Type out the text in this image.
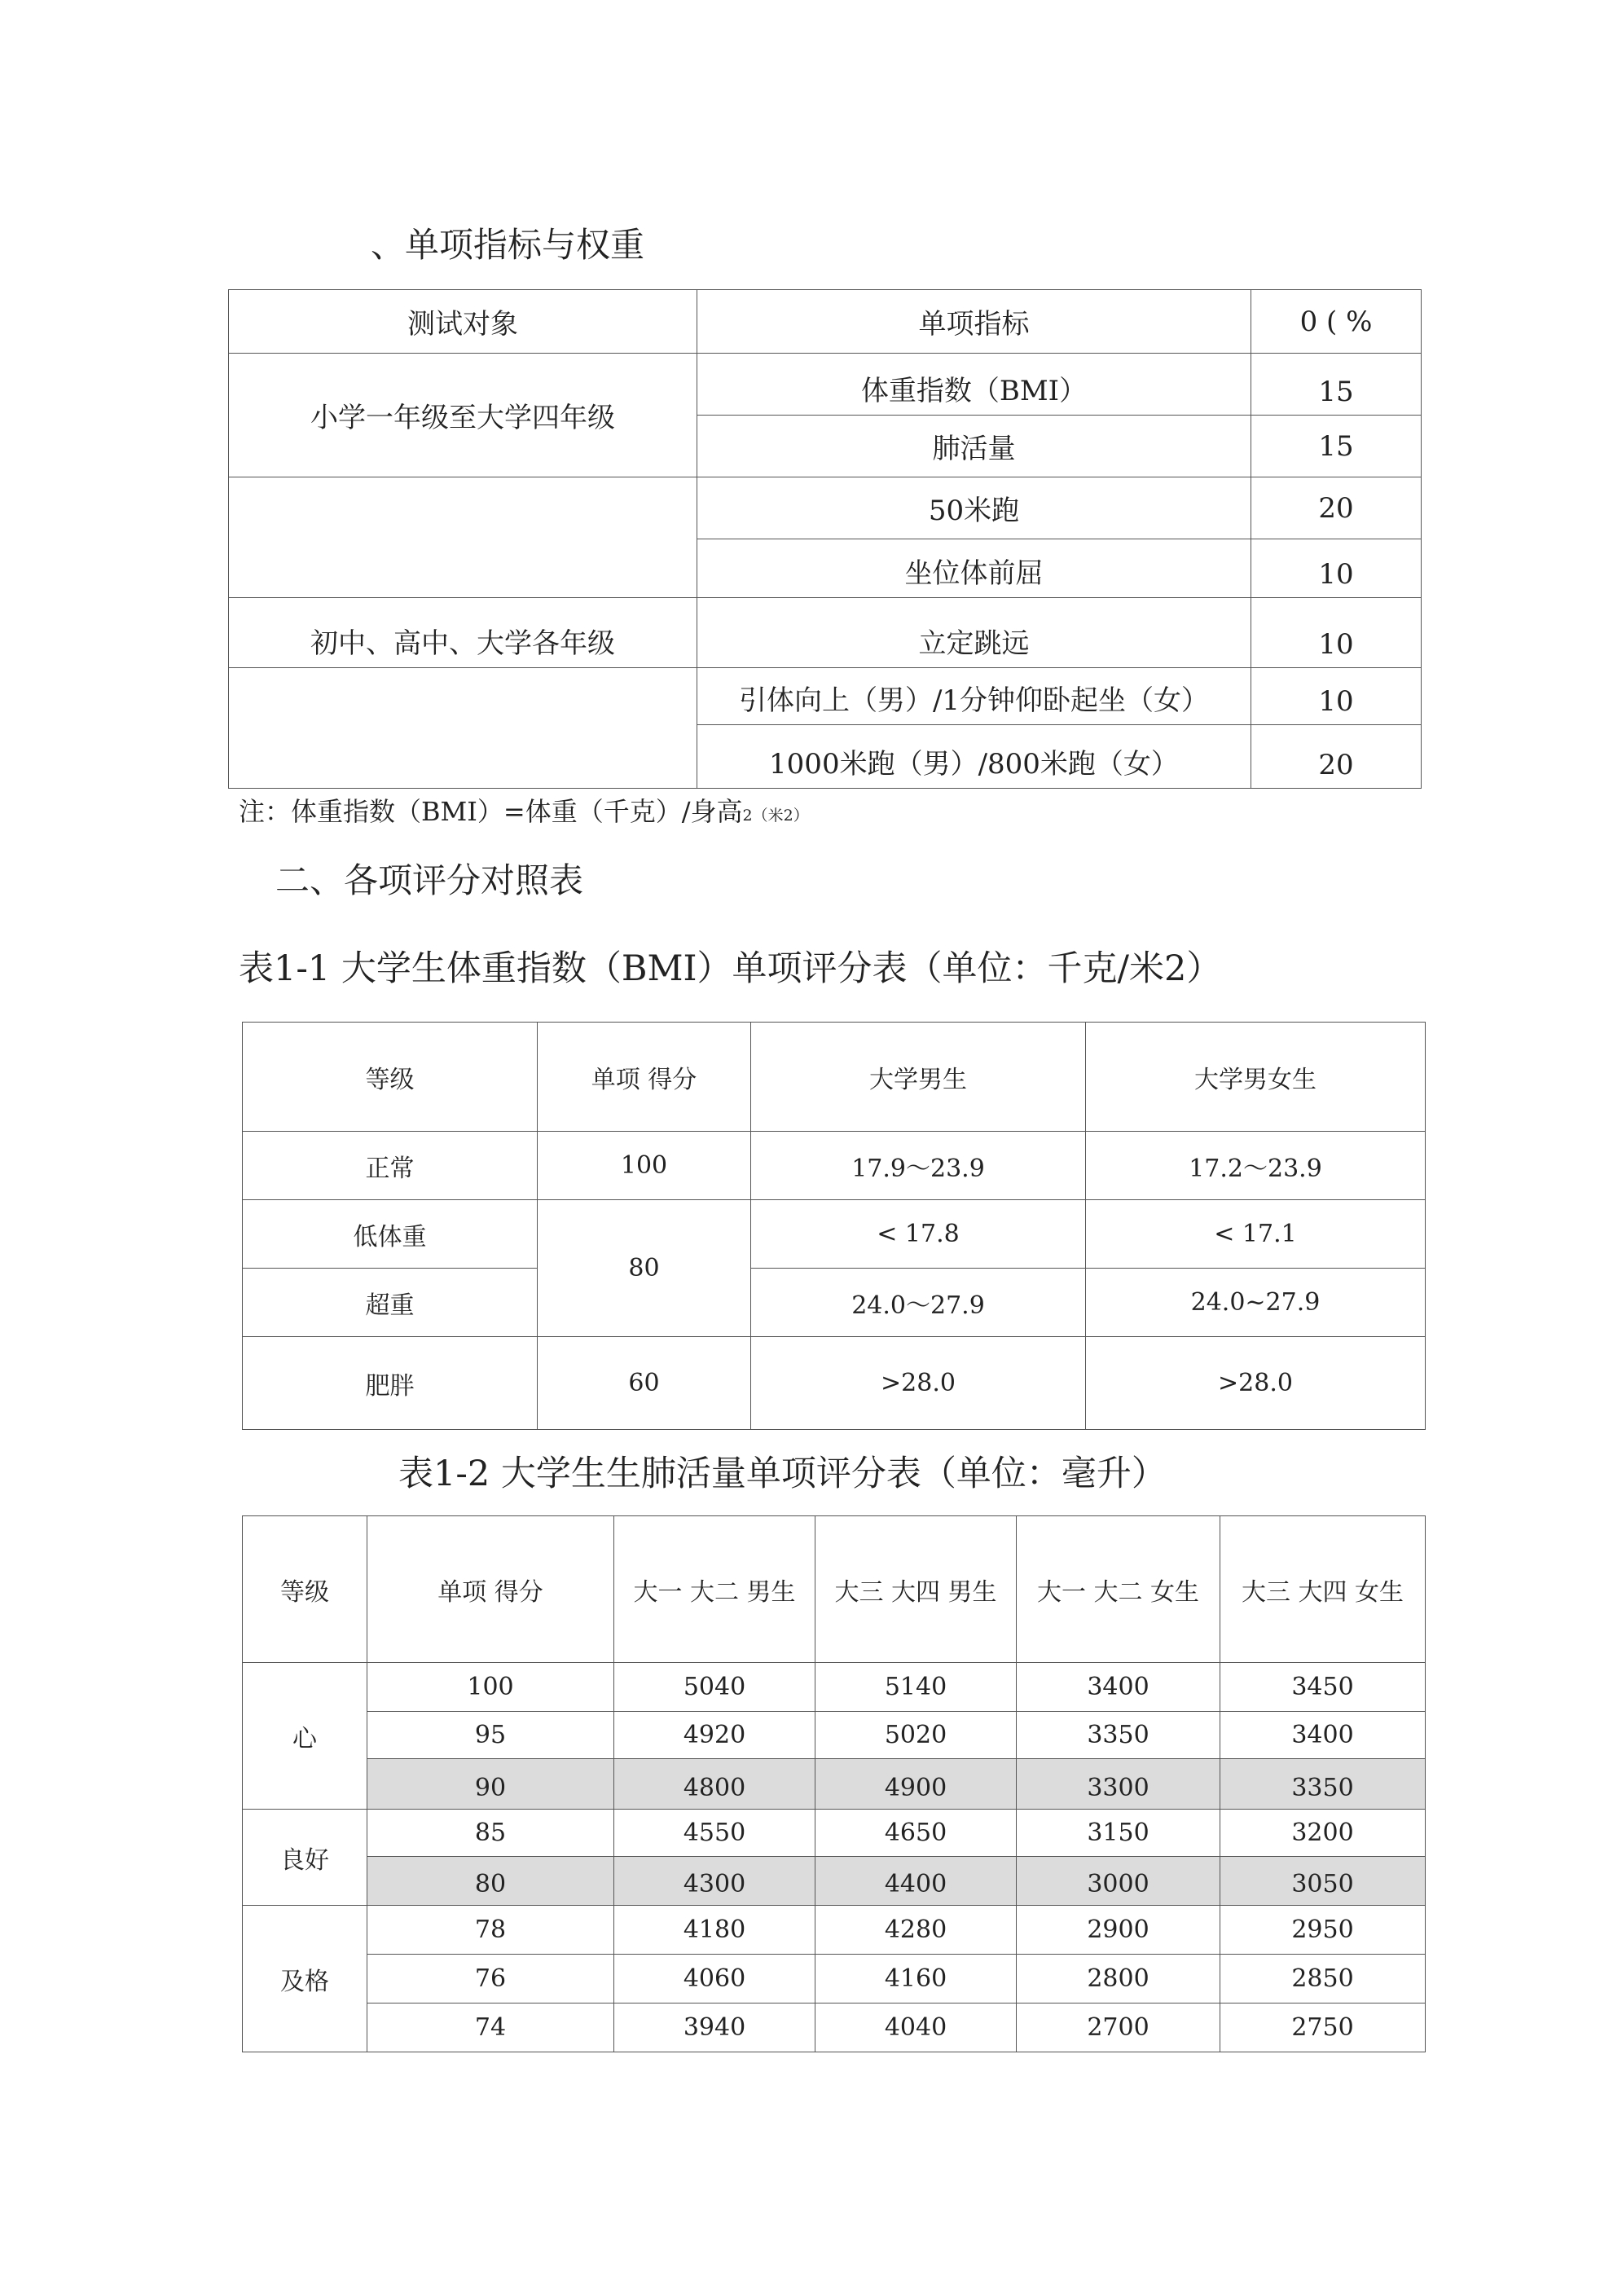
、单项指标与权重
测试对象	单项指标	0 ( %
小学一年级至大学四年级	体重指数（BMI）	15
	肺活量	15
	50米跑	20
	坐位体前屈	10
初中、高中、大学各年级	立定跳远	10
	引体向上（男）/1分钟仰卧起坐（女）	10
	1000米跑（男）/800米跑（女）	20
注：体重指数（BMI）=体重（千克）/身高2（米2）
二、各项评分对照表
表1-1 大学生体重指数（BMI）单项评分表（单位：千克/米2）
等级	单项 得分	大学男生	大学男女生
正常	100	17.9〜23.9	17.2〜23.9
低体重	80	< 17.8	< 17.1
超重		24.0〜27.9	24.0~27.9
肥胖	60	>28.0	>28.0
表1-2 大学生生肺活量单项评分表（单位：毫升）
等级	单项 得分	大一 大二 男生	大三 大四 男生	大一 大二 女生	大三 大四 女生
心	100	5040	5140	3400	3450
	95	4920	5020	3350	3400
	90	4800	4900	3300	3350
良好	85	4550	4650	3150	3200
	80	4300	4400	3000	3050
及格	78	4180	4280	2900	2950
	76	4060	4160	2800	2850
	74	3940	4040	2700	2750
